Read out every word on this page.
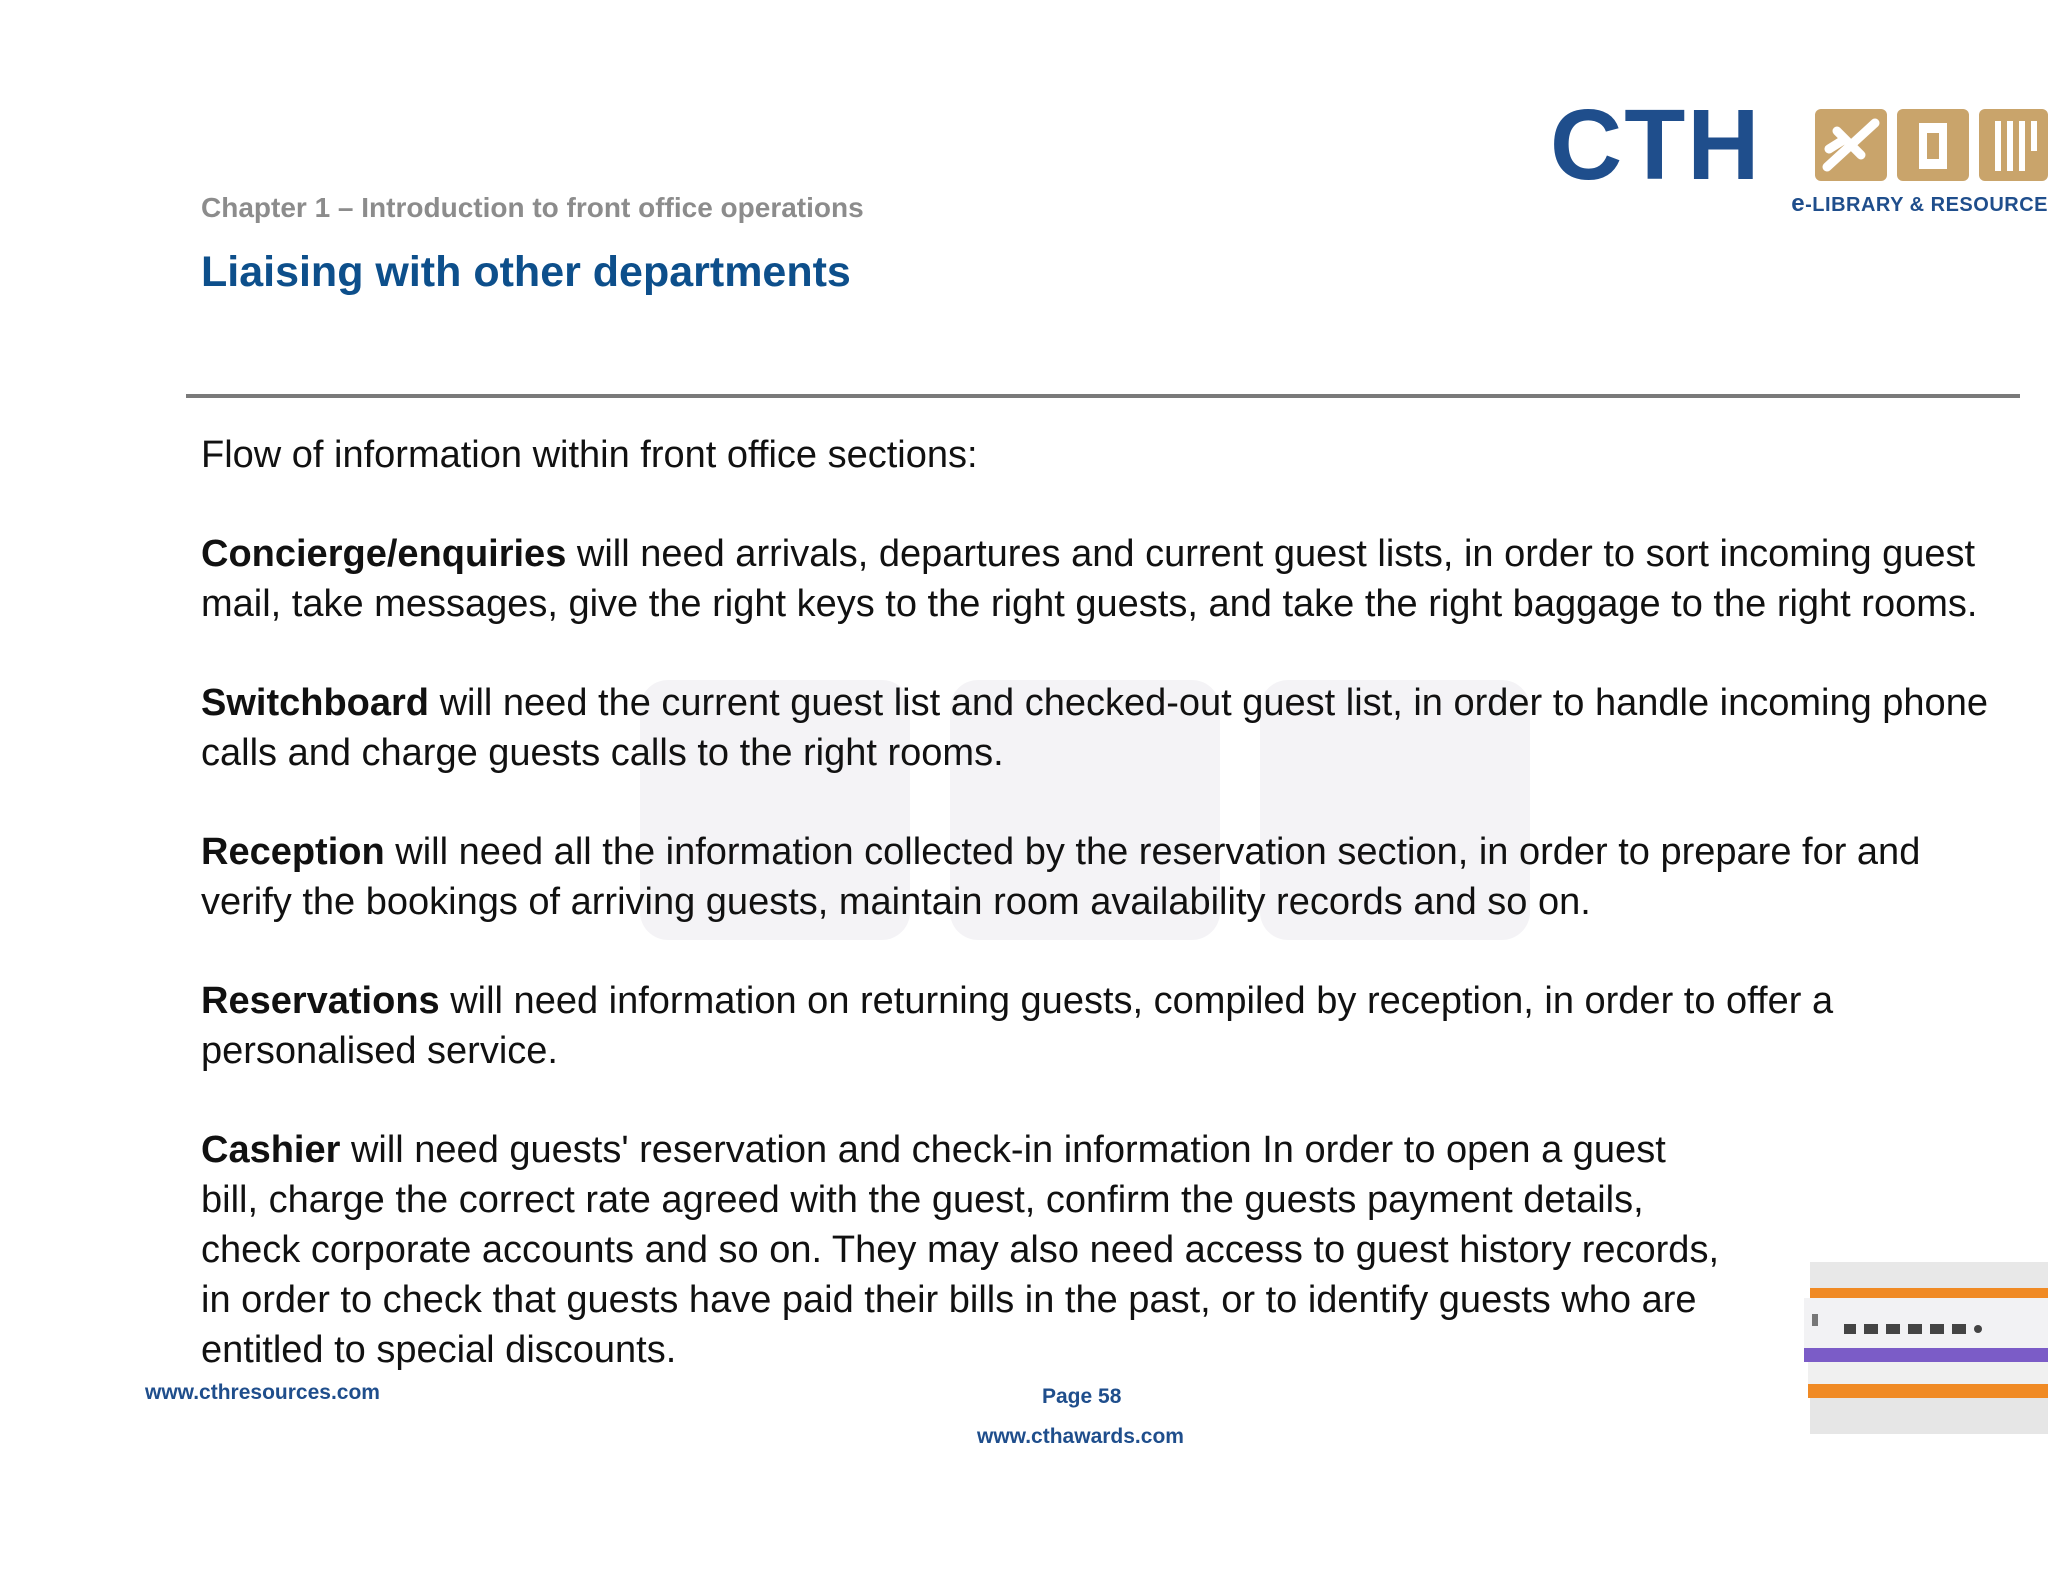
CTH
e-LIBRARY & RESOURCE
Chapter 1 – Introduction to front office operations
Liaising with other departments

Flow of information within front office sections:

Concierge/enquiries will need arrivals, departures and current guest lists, in order to sort incoming guest mail, take messages, give the right keys to the right guests, and take the right baggage to the right rooms.

Switchboard will need the current guest list and checked-out guest list, in order to handle incoming phone calls and charge guests calls to the right rooms.

Reception will need all the information collected by the reservation section, in order to prepare for and verify the bookings of arriving guests, maintain room availability records and so on.

Reservations will need information on returning guests, compiled by reception, in order to offer a personalised service.

Cashier will need guests' reservation and check-in information In order to open a guest bill, charge the correct rate agreed with the guest, confirm the guests payment details, check corporate accounts and so on. They may also need access to guest history records, in order to check that guests have paid their bills in the past, or to identify guests who are entitled to special discounts.

www.cthresources.com	Page 58
www.cthawards.com
